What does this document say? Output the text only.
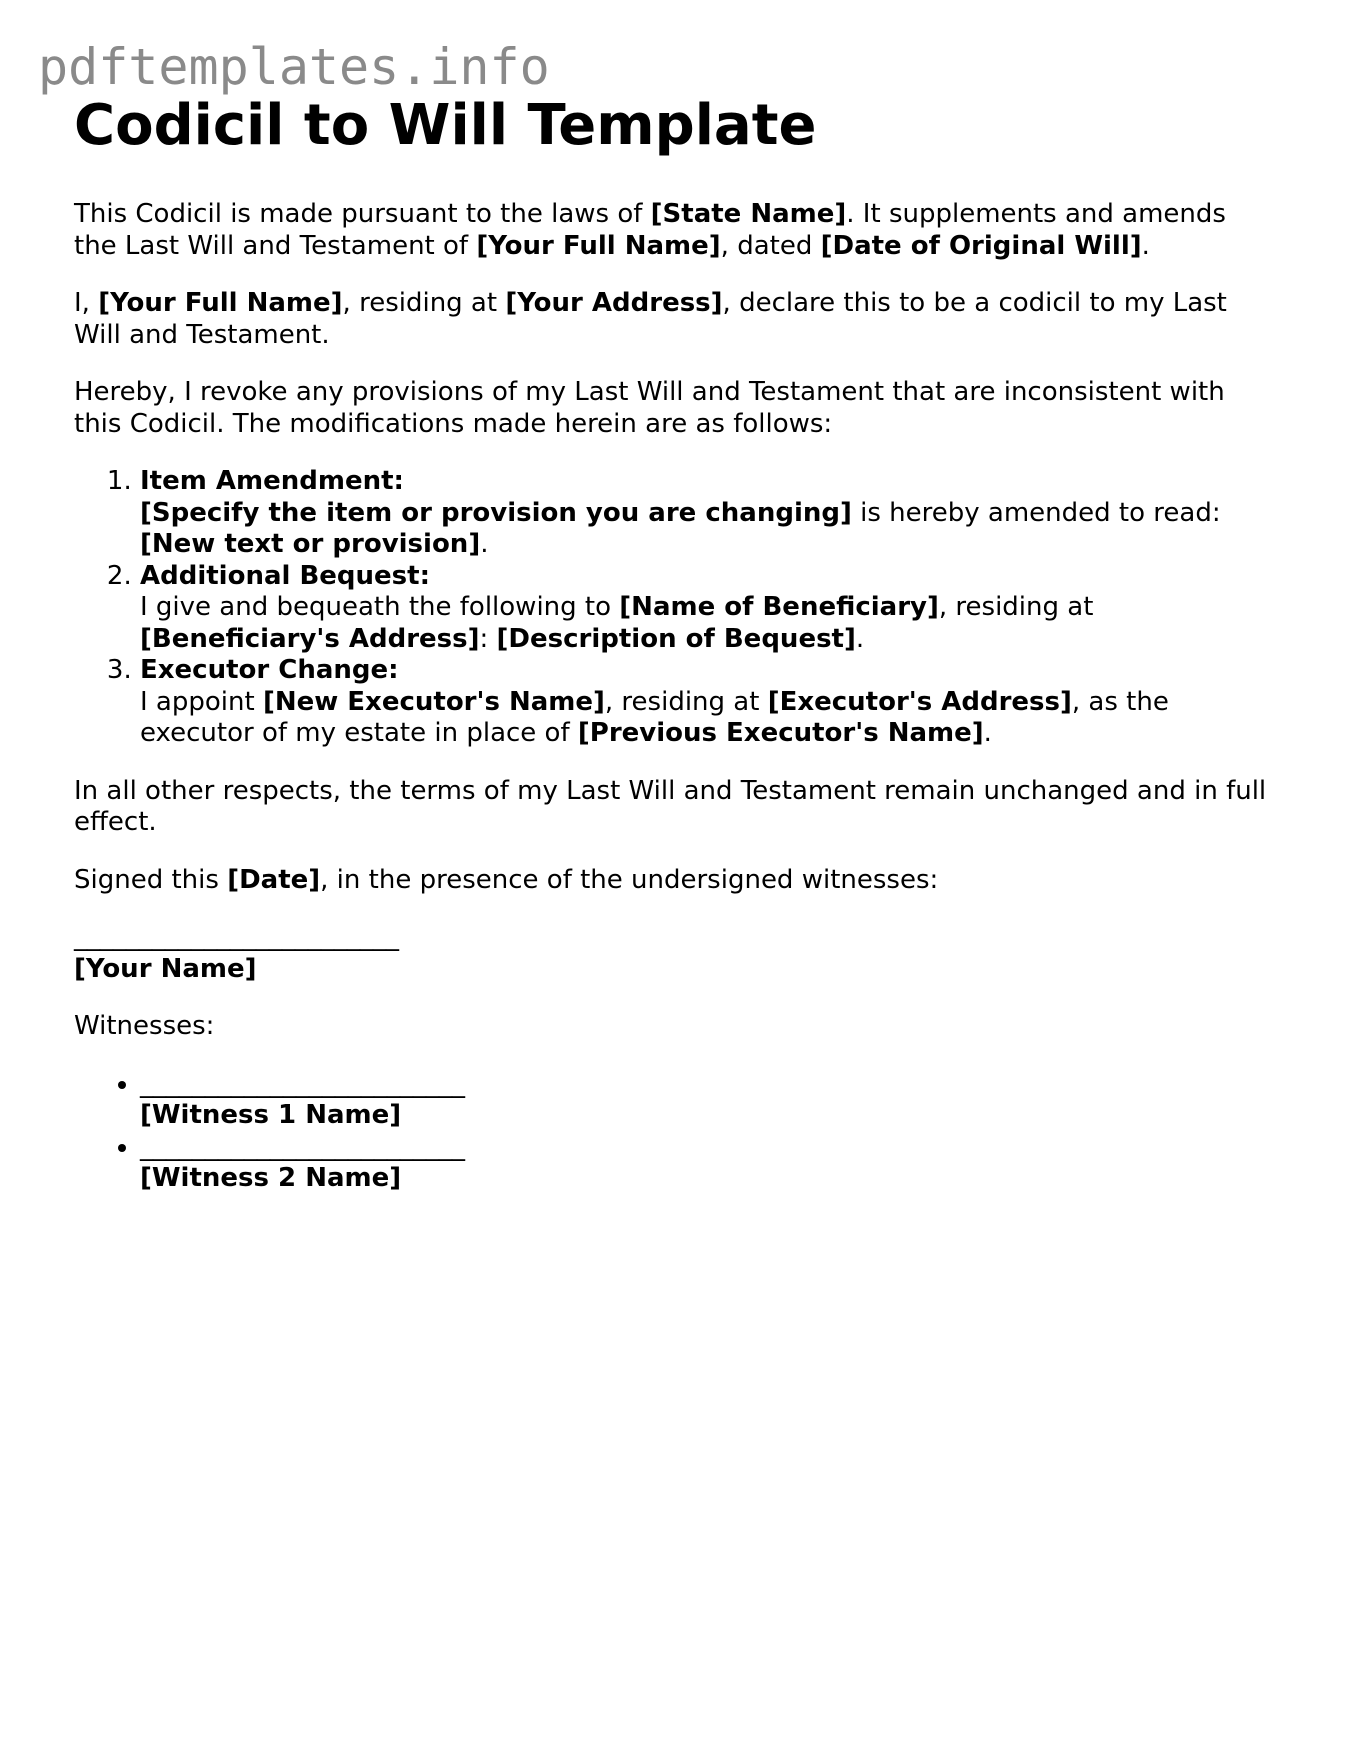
pdftemplates.info
Codicil to Will Template

This Codicil is made pursuant to the laws of [State Name]. It supplements and amends the Last Will and Testament of [Your Full Name], dated [Date of Original Will].

I, [Your Full Name], residing at [Your Address], declare this to be a codicil to my Last Will and Testament.

Hereby, I revoke any provisions of my Last Will and Testament that are inconsistent with this Codicil. The modifications made herein are as follows:

1. Item Amendment:
[Specify the item or provision you are changing] is hereby amended to read: [New text or provision].
2. Additional Bequest:
I give and bequeath the following to [Name of Beneficiary], residing at
[Beneficiary's Address]: [Description of Bequest].
3. Executor Change:
I appoint [New Executor's Name], residing at [Executor's Address], as the executor of my estate in place of [Previous Executor's Name].

In all other respects, the terms of my Last Will and Testament remain unchanged and in full effect.

Signed this [Date], in the presence of the undersigned witnesses:

_________________________
[Your Name]

Witnesses:

• _________________________
[Witness 1 Name]
• _________________________
[Witness 2 Name]
